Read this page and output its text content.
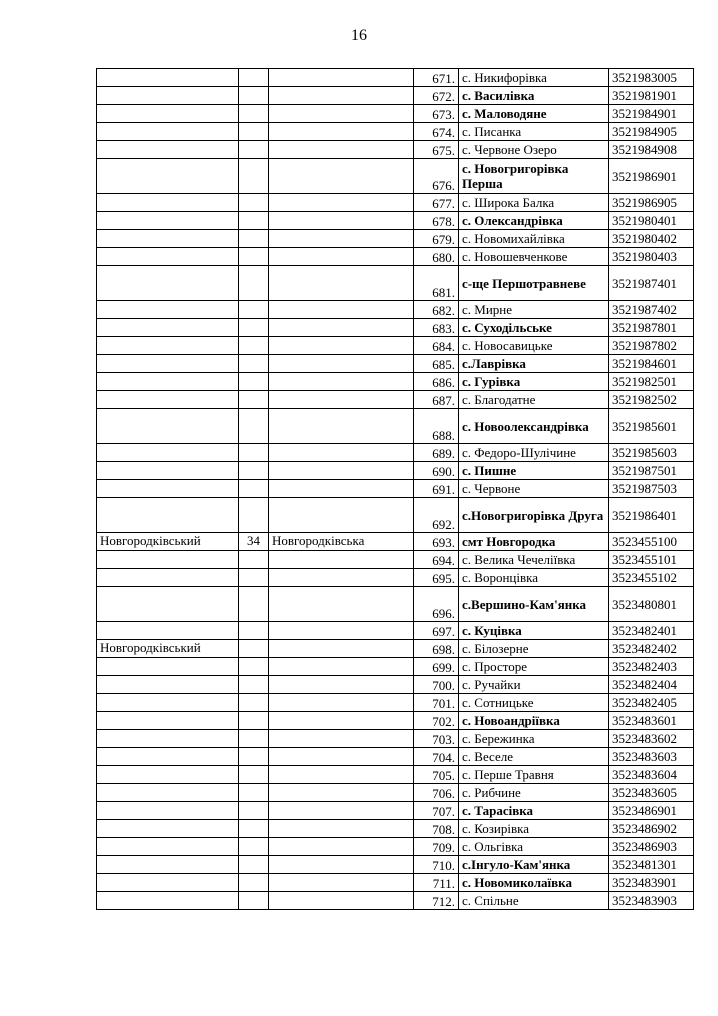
16
			671.	с. Никифорівка	3521983005
			672.	с. Василівка	3521981901
			673.	с. Маловодяне	3521984901
			674.	с. Писанка	3521984905
			675.	с. Червоне Озеро	3521984908
			676.	с. Новогригорівка Перша	3521986901
			677.	с. Широка Балка	3521986905
			678.	с. Олександрівка	3521980401
			679.	с. Новомихайлівка	3521980402
			680.	с. Новошевченкове	3521980403
			681.	с-ще Першотравневе	3521987401
			682.	с. Мирне	3521987402
			683.	с. Суходільське	3521987801
			684.	с. Новосавицьке	3521987802
			685.	с.Лаврівка	3521984601
			686.	с. Гурівка	3521982501
			687.	с. Благодатне	3521982502
			688.	с. Новоолександрівка	3521985601
			689.	с. Федоро-Шулічине	3521985603
			690.	с. Пишне	3521987501
			691.	с. Червоне	3521987503
			692.	с.Новогригорівка Друга	3521986401
Новгородківський	34	Новгородківська	693.	смт Новгородка	3523455100
			694.	с. Велика Чечеліївка	3523455101
			695.	с. Воронцівка	3523455102
			696.	с.Вершино-Кам'янка	3523480801
			697.	с. Куцівка	3523482401
Новгородківський			698.	с. Білозерне	3523482402
			699.	с. Просторе	3523482403
			700.	с. Ручайки	3523482404
			701.	с. Сотницьке	3523482405
			702.	с. Новоандріївка	3523483601
			703.	с. Бережинка	3523483602
			704.	с. Веселе	3523483603
			705.	с. Перше Травня	3523483604
			706.	с. Рибчине	3523483605
			707.	с. Тарасівка	3523486901
			708.	с. Козирівка	3523486902
			709.	с. Ольгівка	3523486903
			710.	с.Інгуло-Кам'янка	3523481301
			711.	с. Новомиколаївка	3523483901
			712.	с. Спільне	3523483903
